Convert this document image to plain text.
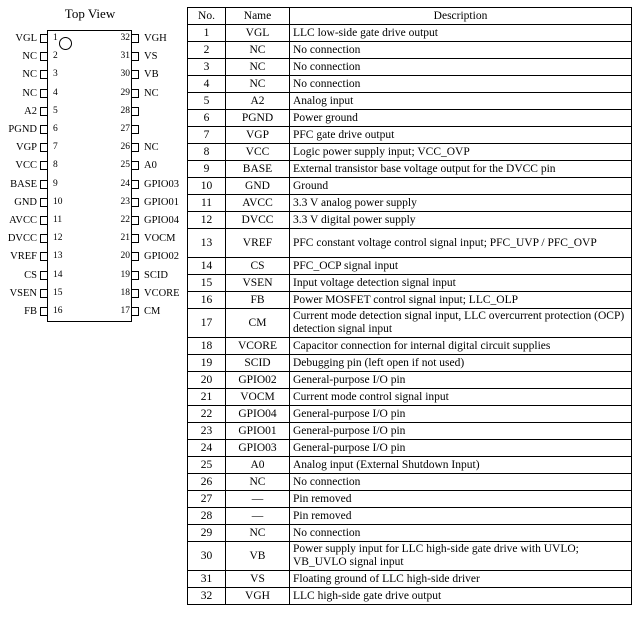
Top View
VGL 1
NC 2
NC 3
NC 4
A2 5
PGND 6
VGP 7
VCC 8
BASE 9
GND 10
AVCC 11
DVCC 12
VREF 13
CS 14
VSEN 15
FB 16
VGH
32
VS
31
VB
30
NC
29
28
27
NC
26
A0
25
GPIO03
24
GPIO01
23
GPIO04
22
VOCM
21
GPIO02
20
SCID
19
VCORE
18
CM
17
No.	Name	Description
1	VGL	LLC low-side gate drive output
2	NC	No connection
3	NC	No connection
4	NC	No connection
5	A2	Analog input
6	PGND	Power ground
7	VGP	PFC gate drive output
8	VCC	Logic power supply input; VCC_OVP
9	BASE	External transistor base voltage output for the DVCC pin
10	GND	Ground
11	AVCC	3.3 V analog power supply
12	DVCC	3.3 V digital power supply
13	VREF	PFC constant voltage control signal input; PFC_UVP / PFC_OVP
14	CS	PFC_OCP signal input
15	VSEN	Input voltage detection signal input
16	FB	Power MOSFET control signal input; LLC_OLP
17	CM	Current mode detection signal input, LLC overcurrent protection (OCP) detection signal input
18	VCORE	Capacitor connection for internal digital circuit supplies
19	SCID	Debugging pin (left open if not used)
20	GPIO02	General-purpose I/O pin
21	VOCM	Current mode control signal input
22	GPIO04	General-purpose I/O pin
23	GPIO01	General-purpose I/O pin
24	GPIO03	General-purpose I/O pin
25	A0	Analog input (External Shutdown Input)
26	NC	No connection
27	—	Pin removed
28	—	Pin removed
29	NC	No connection
30	VB	Power supply input for LLC high-side gate drive with UVLO; VB_UVLO signal input
31	VS	Floating ground of LLC high-side driver
32	VGH	LLC high-side gate drive output
